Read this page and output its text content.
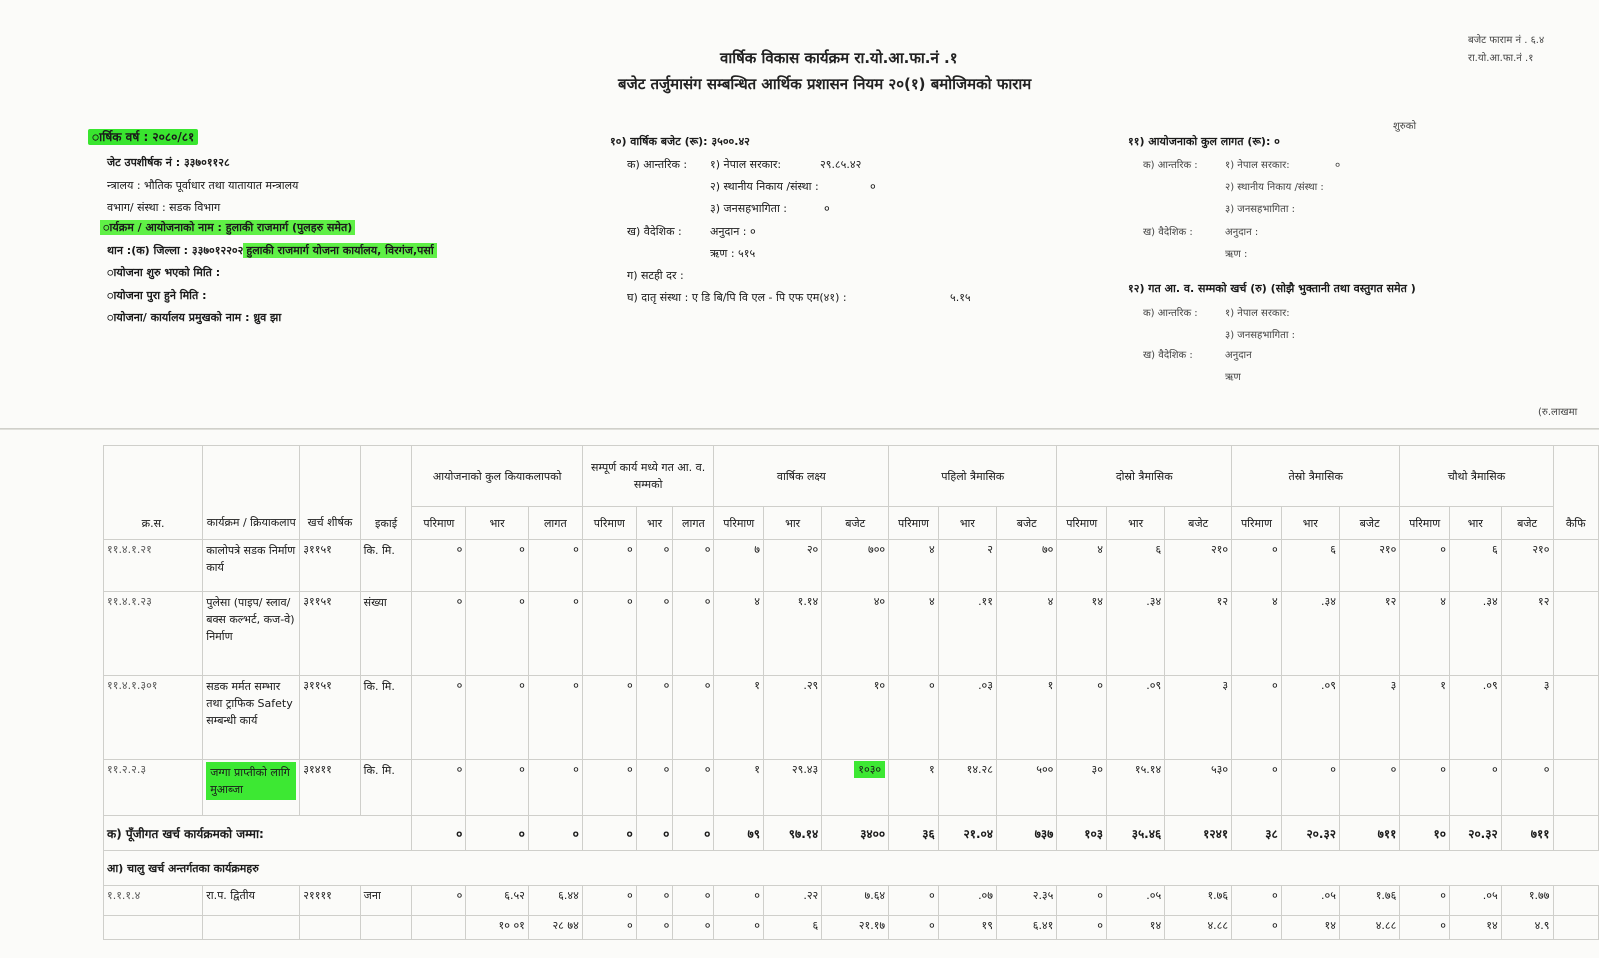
वार्षिक विकास कार्यक्रम रा.यो.आ.फा.नं .१
बजेट तर्जुमासंग सम्बन्धित आर्थिक प्रशासन नियम २०(१) बमोजिमको फाराम
बजेट फाराम नं . ६.४
रा.यो.आ.फा.नं .१
ार्षिक वर्ष : २०८०/८१
जेट उपशीर्षक नं : ३३७०११२८
न्त्रालय : भौतिक पूर्वाधार तथा यातायात मन्त्रालय
वभाग/ संस्था : सडक विभाग
ार्यक्रम / आयोजनाको नाम : हुलाकी राजमार्ग (पुलहरु समेत)
थान :(क) जिल्ला : ३३७०१२२०२ हुलाकी राजमार्ग योजना कार्यालय, विरगंज,पर्सा
ायोजना शुरु भएको मिति :
ायोजना पुरा हुने मिति :
ायोजना/ कार्यालय प्रमुखको नाम : ध्रुव झा
१०) वार्षिक बजेट (रू): ३५००.४२
क) आन्तरिक : १) नेपाल सरकार:	२९.८५.४२
२) स्थानीय निकाय /संस्था :	०
३) जनसहभागिता :	०
ख) वैदेशिक :	अनुदान : ०
ऋण : ५१५
ग) सटही दर :
घ) दातृ संस्था : ए डि बि/पि वि एल - पि एफ एम(४१) :	५.१५
शुरुको
११) आयोजनाको कुल लागत (रू): ०
क) आन्तरिक :	१) नेपाल सरकार:	०
२) स्थानीय निकाय /संस्था :
३) जनसहभागिता :
ख) वैदेशिक :	अनुदान :
ऋण :
१२) गत आ. व. सम्मको खर्च (रु) (सोझै भुक्तानी तथा वस्तुगत समेत )
क) आन्तरिक :	१) नेपाल सरकार:
३) जनसहभागिता :
ख) वैदेशिक :	अनुदान
ऋण
(रु.लाखमा
क्र.स.	कार्यक्रम / क्रियाकलाप	खर्च शीर्षक	इकाई	आयोजनाको कुल कियाकलापको			सम्पूर्ण कार्य मध्ये गत आ. व. सम्मको			वार्षिक लक्ष्य			पहिलो त्रैमासिक			दोस्रो त्रैमासिक			तेस्रो त्रैमासिक			चौथो त्रैमासिक			कैफि
				परिमाण	भार	लागत	परिमाण	भार	लागत	परिमाण	भार	बजेट	परिमाण	भार	बजेट	परिमाण	भार	बजेट	परिमाण	भार	बजेट	परिमाण	भार	बजेट	
११.४.१.२१	कालोपत्रे सडक निर्माण कार्य	३११५१	कि. मि.	०	०	०	०	०	०	७	२०	७००	४	२	७०	४	६	२१०	०	६	२१०	०	६	२१०	
११.४.१.२३	पुलेसा (पाइप/ स्लाव/बक्स कल्भर्ट, कज-वे) निर्माण	३११५१	संख्या	०	०	०	०	०	०	४	१.१४	४०	४	.११	४	१४	.३४	१२	४	.३४	१२	४	.३४	१२	
११.४.१.३०१	सडक मर्मत सम्भार तथा ट्राफिक Safety सम्बन्धी कार्य	३११५१	कि. मि.	०	०	०	०	०	०	१	.२९	१०	०	.०३	१	०	.०९	३	०	.०९	३	१	.०९	३	
११.२.२.३	जग्गा प्राप्तीको लागि मुआब्जा	३१४११	कि. मि.	०	०	०	०	०	०	१	२९.४३	१०३०	१	१४.२८	५००	३०	१५.१४	५३०	०	०	०	०	०	०	
क) पूँजीगत खर्च कार्यक्रमको जम्मा:				०	०	०	०	०	०	७९	९७.१४	३४००	३६	२१.०४	७३७	१०३	३५.४६	१२४१	३८	२०.३२	७११	१०	२०.३२	७११	
आ) चालु खर्च अन्तर्गतका कार्यक्रमहरु																									
१.१.१.४	रा.प. द्वितीय	२११११	जना	०	६.५२	६.४४	०	०	०	०	.२२	७.६४	०	.०७	२.३५	०	.०५	१.७६	०	.०५	१.७६	०	.०५	१.७७	
					१० ०१	२८ ७४	०	०	०	०	६	२१.१७	०	१९	६.४१	०	१४	४.८८	०	१४	४.८८	०	१४	४.९	
